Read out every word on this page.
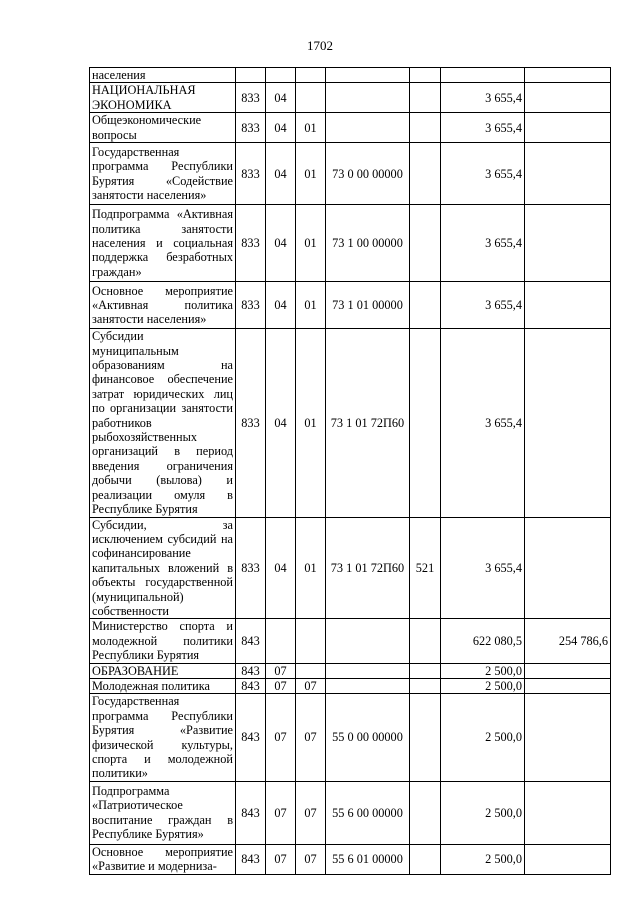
1702
населения							
НАЦИОНАЛЬНАЯ ЭКОНОМИКА	833	04				3 655,4	
Общеэкономические вопросы	833	04	01			3 655,4	
Государственная программа Республики Бурятия «Содействие занятости населения»	833	04	01	73 0 00 00000		3 655,4	
Подпрограмма «Активная политика занятости населения и социальная поддержка безработных граждан»	833	04	01	73 1 00 00000		3 655,4	
Основное мероприятие «Активная политика занятости населения»	833	04	01	73 1 01 00000		3 655,4	
Субсидии муниципальным образованиям на финансовое обеспечение затрат юридических лиц по организации занятости работников рыбохозяйственных организаций в период введения ограничения добычи (вылова) и реализации омуля в Республике Бурятия	833	04	01	73 1 01 72П60		3 655,4	
Субсидии, за исключением субсидий на софинансирование капитальных вложений в объекты государственной (муниципальной) собственности	833	04	01	73 1 01 72П60	521	3 655,4	
Министерство спорта и молодежной политики Республики Бурятия	843					622 080,5	254 786,6
ОБРАЗОВАНИЕ	843	07				2 500,0	
Молодежная политика	843	07	07			2 500,0	
Государственная программа Республики Бурятия «Развитие физической культуры, спорта и молодежной политики»	843	07	07	55 0 00 00000		2 500,0	
Подпрограмма «Патриотическое воспитание граждан в Республике Бурятия»	843	07	07	55 6 00 00000		2 500,0	
Основное мероприятие «Развитие и модерниза-	843	07	07	55 6 01 00000		2 500,0	
